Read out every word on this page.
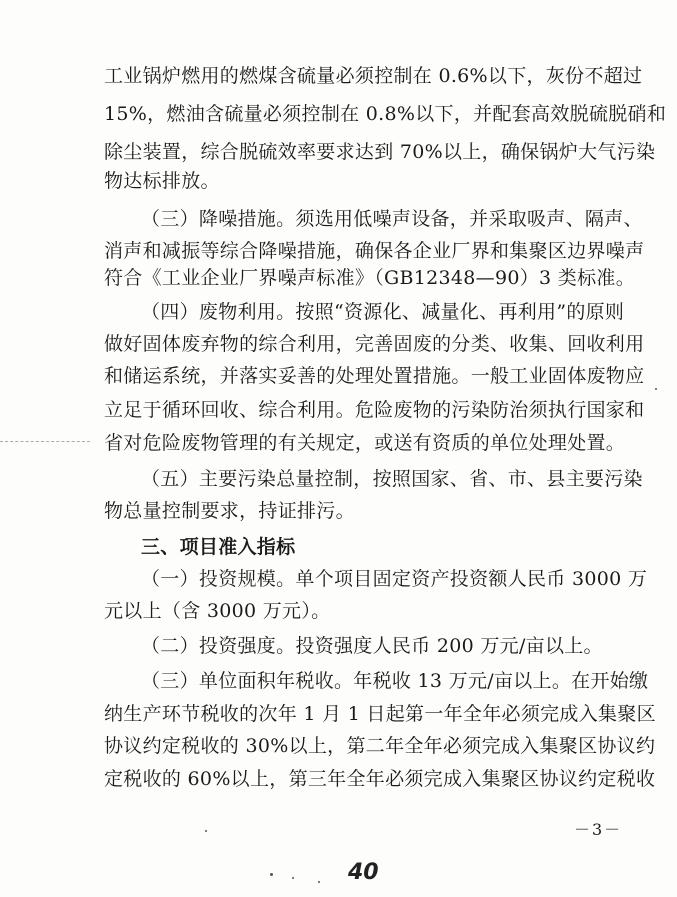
工业锅炉燃用的燃煤含硫量必须控制在 0.6%以下，灰份不超过
15%，燃油含硫量必须控制在 0.8%以下，并配套高效脱硫脱硝和
除尘装置，综合脱硫效率要求达到 70%以上，确保锅炉大气污染
物达标排放。
（三）降噪措施。须选用低噪声设备，并采取吸声、隔声、
消声和减振等综合降噪措施，确保各企业厂界和集聚区边界噪声
符合《工业企业厂界噪声标准》（GB12348—90）3 类标准。
（四）废物利用。按照“资源化、减量化、再利用”的原则
做好固体废弃物的综合利用，完善固废的分类、收集、回收利用
和储运系统，并落实妥善的处理处置措施。一般工业固体废物应
立足于循环回收、综合利用。危险废物的污染防治须执行国家和
省对危险废物管理的有关规定，或送有资质的单位处理处置。
（五）主要污染总量控制，按照国家、省、市、县主要污染
物总量控制要求，持证排污。
三、项目准入指标
（一）投资规模。单个项目固定资产投资额人民币 3000 万
元以上（含 3000 万元）。
（二）投资强度。投资强度人民币 200 万元/亩以上。
（三）单位面积年税收。年税收 13 万元/亩以上。在开始缴
纳生产环节税收的次年 1 月 1 日起第一年全年必须完成入集聚区
协议约定税收的 30%以上，第二年全年必须完成入集聚区协议约
定税收的 60%以上，第三年全年必须完成入集聚区协议约定税收
－3－
40
